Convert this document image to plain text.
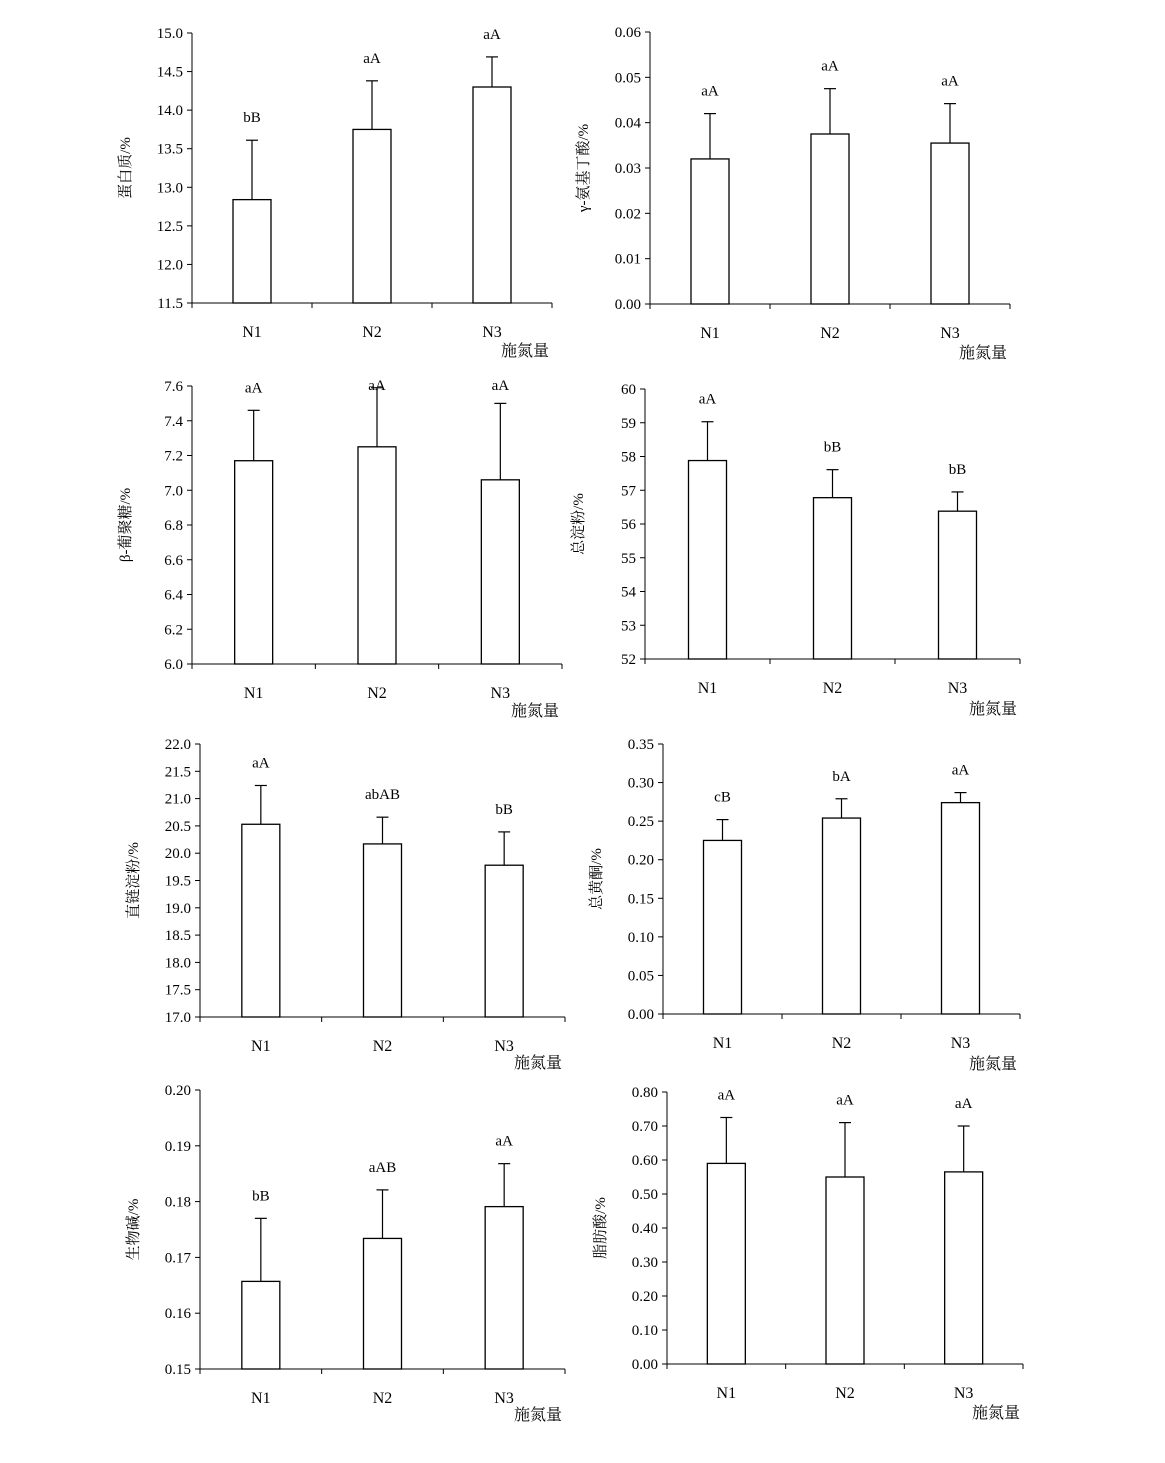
11.5
12.0
12.5
13.0
13.5
14.0
14.5
15.0
bB
N1
aA
N2
aA
N3
施氮量
蛋白质/%
0.00
0.01
0.02
0.03
0.04
0.05
0.06
aA
N1
aA
N2
aA
N3
施氮量
γ-氨基丁酸/%
6.0
6.2
6.4
6.6
6.8
7.0
7.2
7.4
7.6	aA
N1
aA
N2
aA
N3
施氮量
β-葡聚糖/%
52
53
54
55
56
57
58
59
60
aA
N1
bB
N2
bB
N3
施氮量
总淀粉/%
17.0
17.5
18.0
18.5
19.0
19.5
20.0
20.5
21.0
21.5
22.0
aA
N1
abAB
N2
bB
N3
施氮量
直链淀粉/%
0.00
0.05
0.10
0.15
0.20
0.25
0.30
0.35
cB
N1
bA
N2
aA
N3
施氮量
总黄酮/%
0.15
0.16
0.17
0.18
0.19
0.20
bB
N1
aAB
N2
aA
N3
施氮量
生物碱/%
0.00
0.10
0.20
0.30
0.40
0.50
0.60
0.70
0.80	aA
N1
aA
N2
aA
N3
施氮量
脂肪酸/%
